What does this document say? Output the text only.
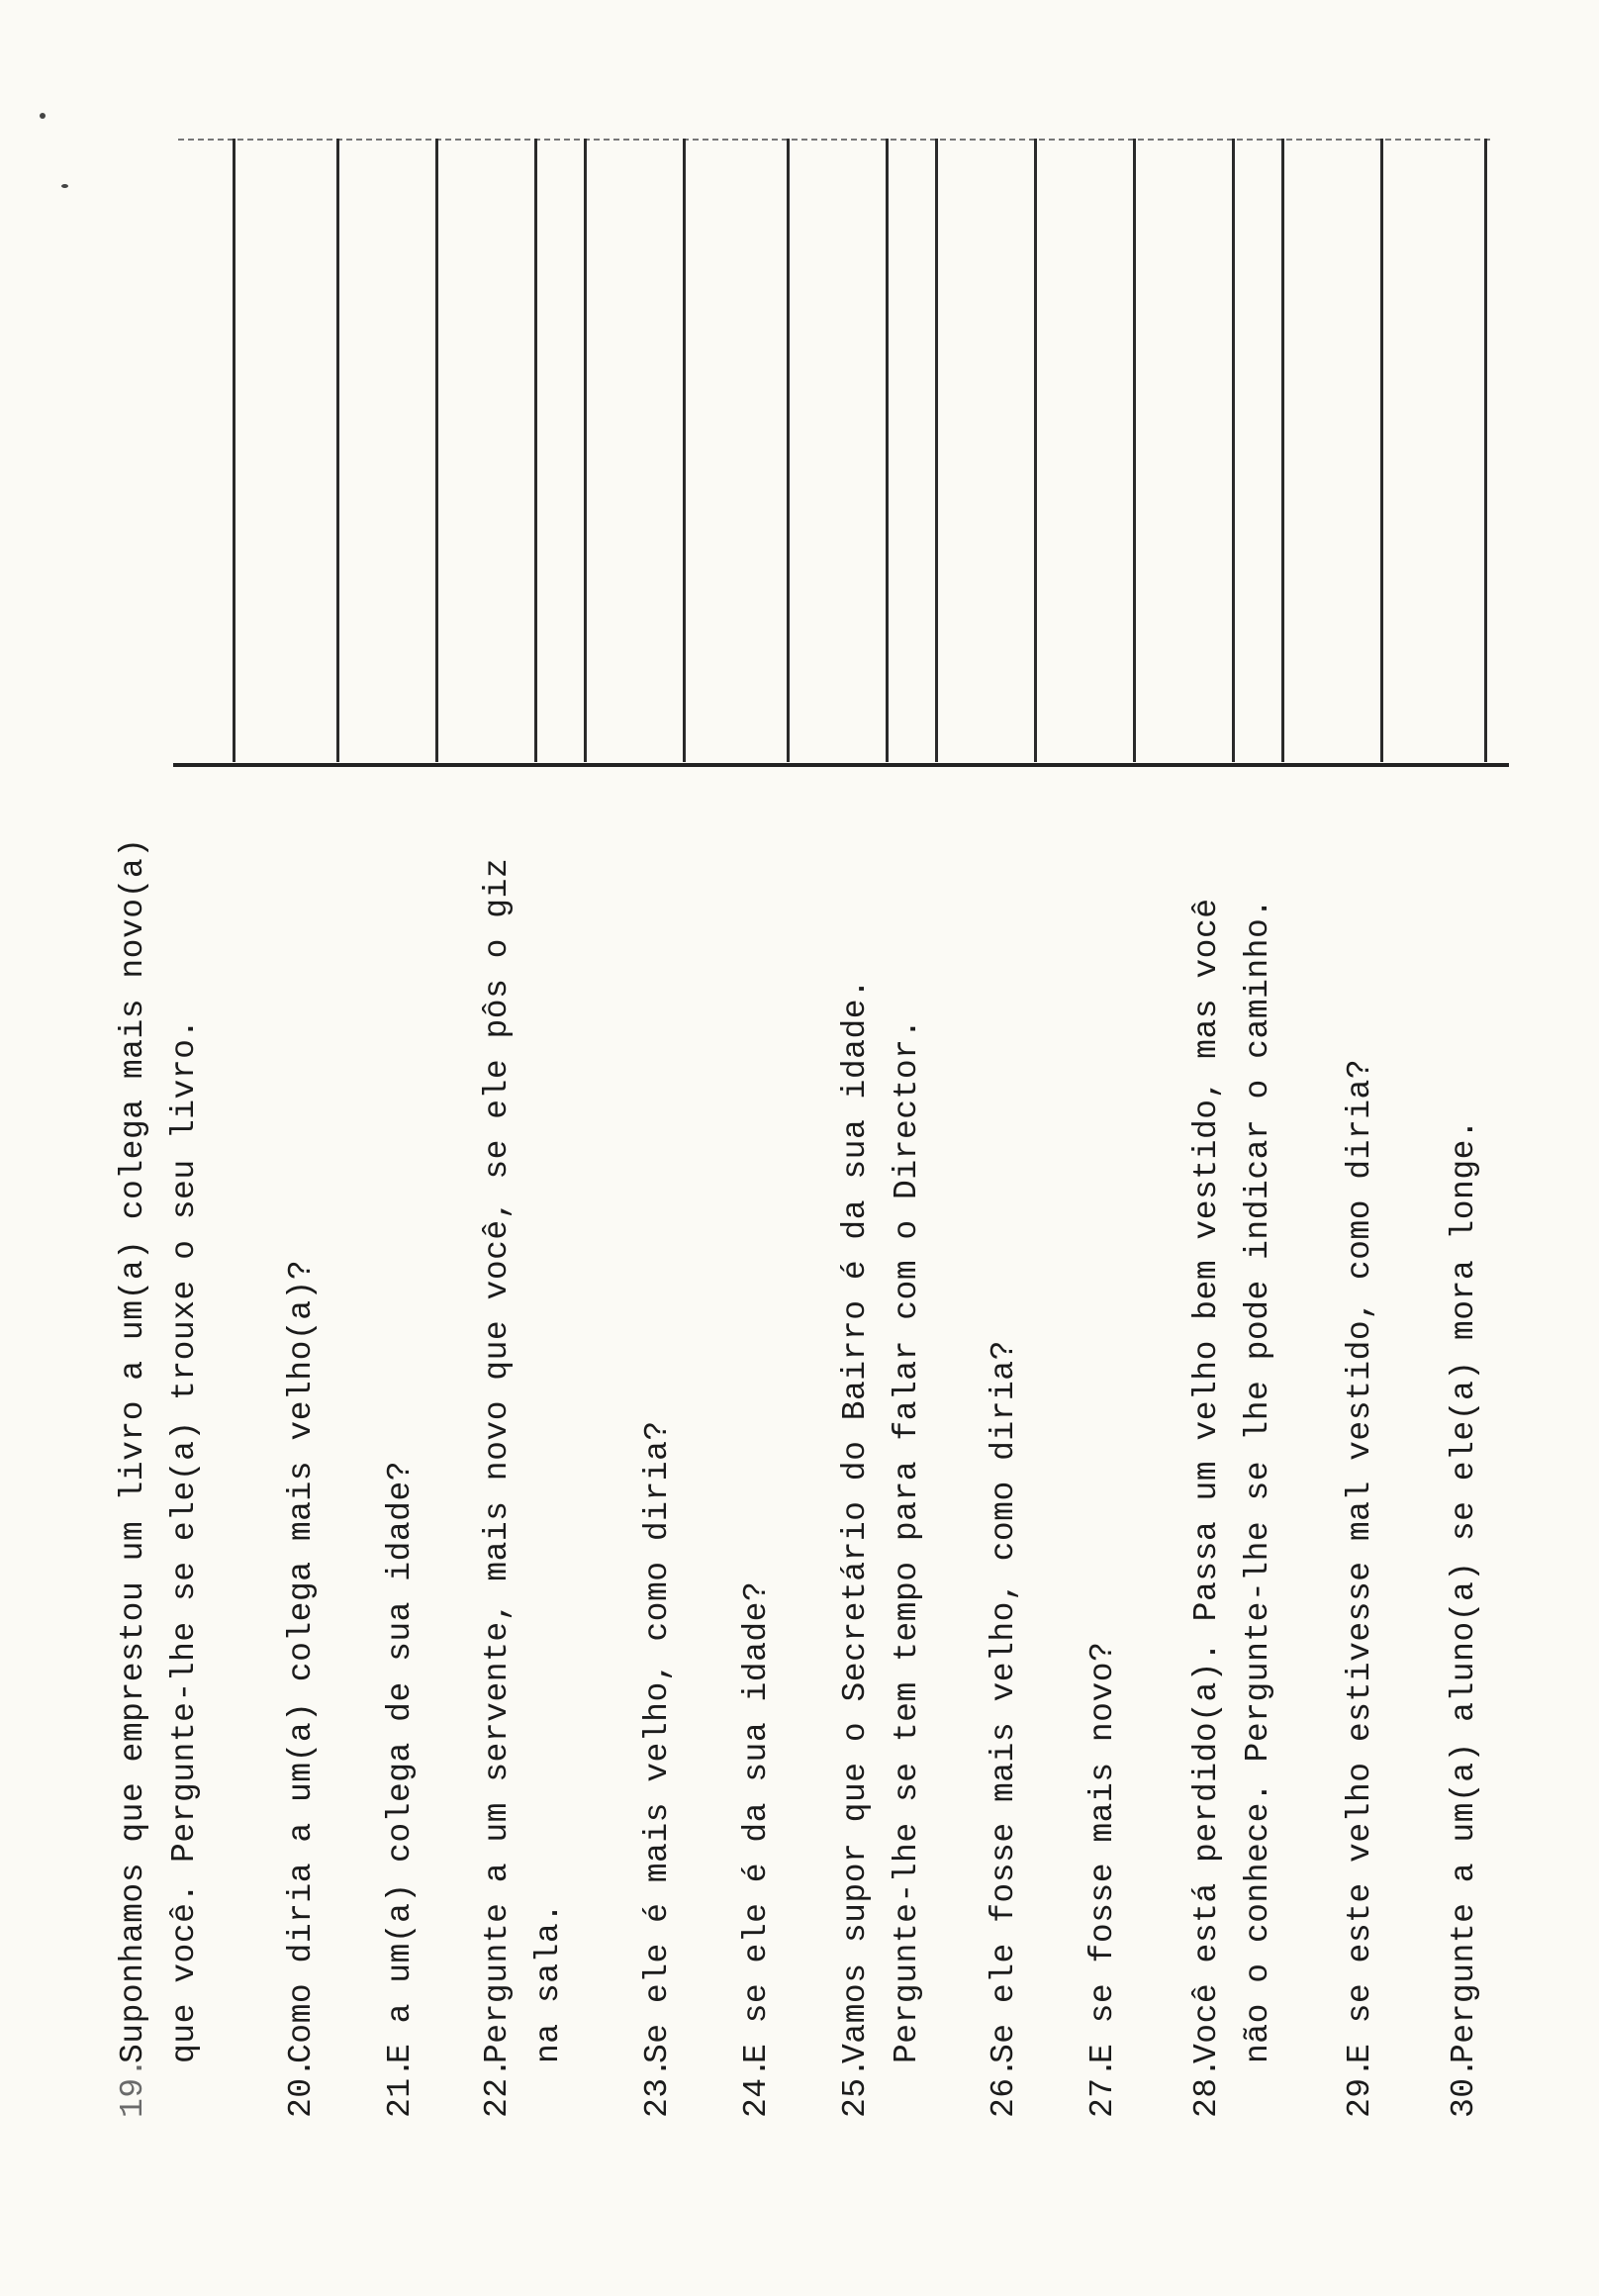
19.
Suponhamos que emprestou um livro a um(a) colega mais novo(a) que você. Pergunte-lhe se ele(a) trouxe o seu livro.
20.
Como diria a um(a) colega mais velho(a)?
21.
E a um(a) colega de sua idade?
22.
Pergunte a um servente, mais novo que você, se ele pôs o giz na sala.
23.
Se ele é mais velho, como diria?
24.
E se ele é da sua idade?
25.
Vamos supor que o Secretário do Bairro é da sua idade. Pergunte-lhe se tem tempo para falar com o Director.
26.
Se ele fosse mais velho, como diria?
27.
E se fosse mais novo?
28.
Você está perdido(a). Passa um velho bem vestido, mas você não o conhece. Pergunte-lhe se lhe pode indicar o caminho.
29.
E se este velho estivesse mal vestido, como diria?
30.
Pergunte a um(a) aluno(a) se ele(a) mora longe.
